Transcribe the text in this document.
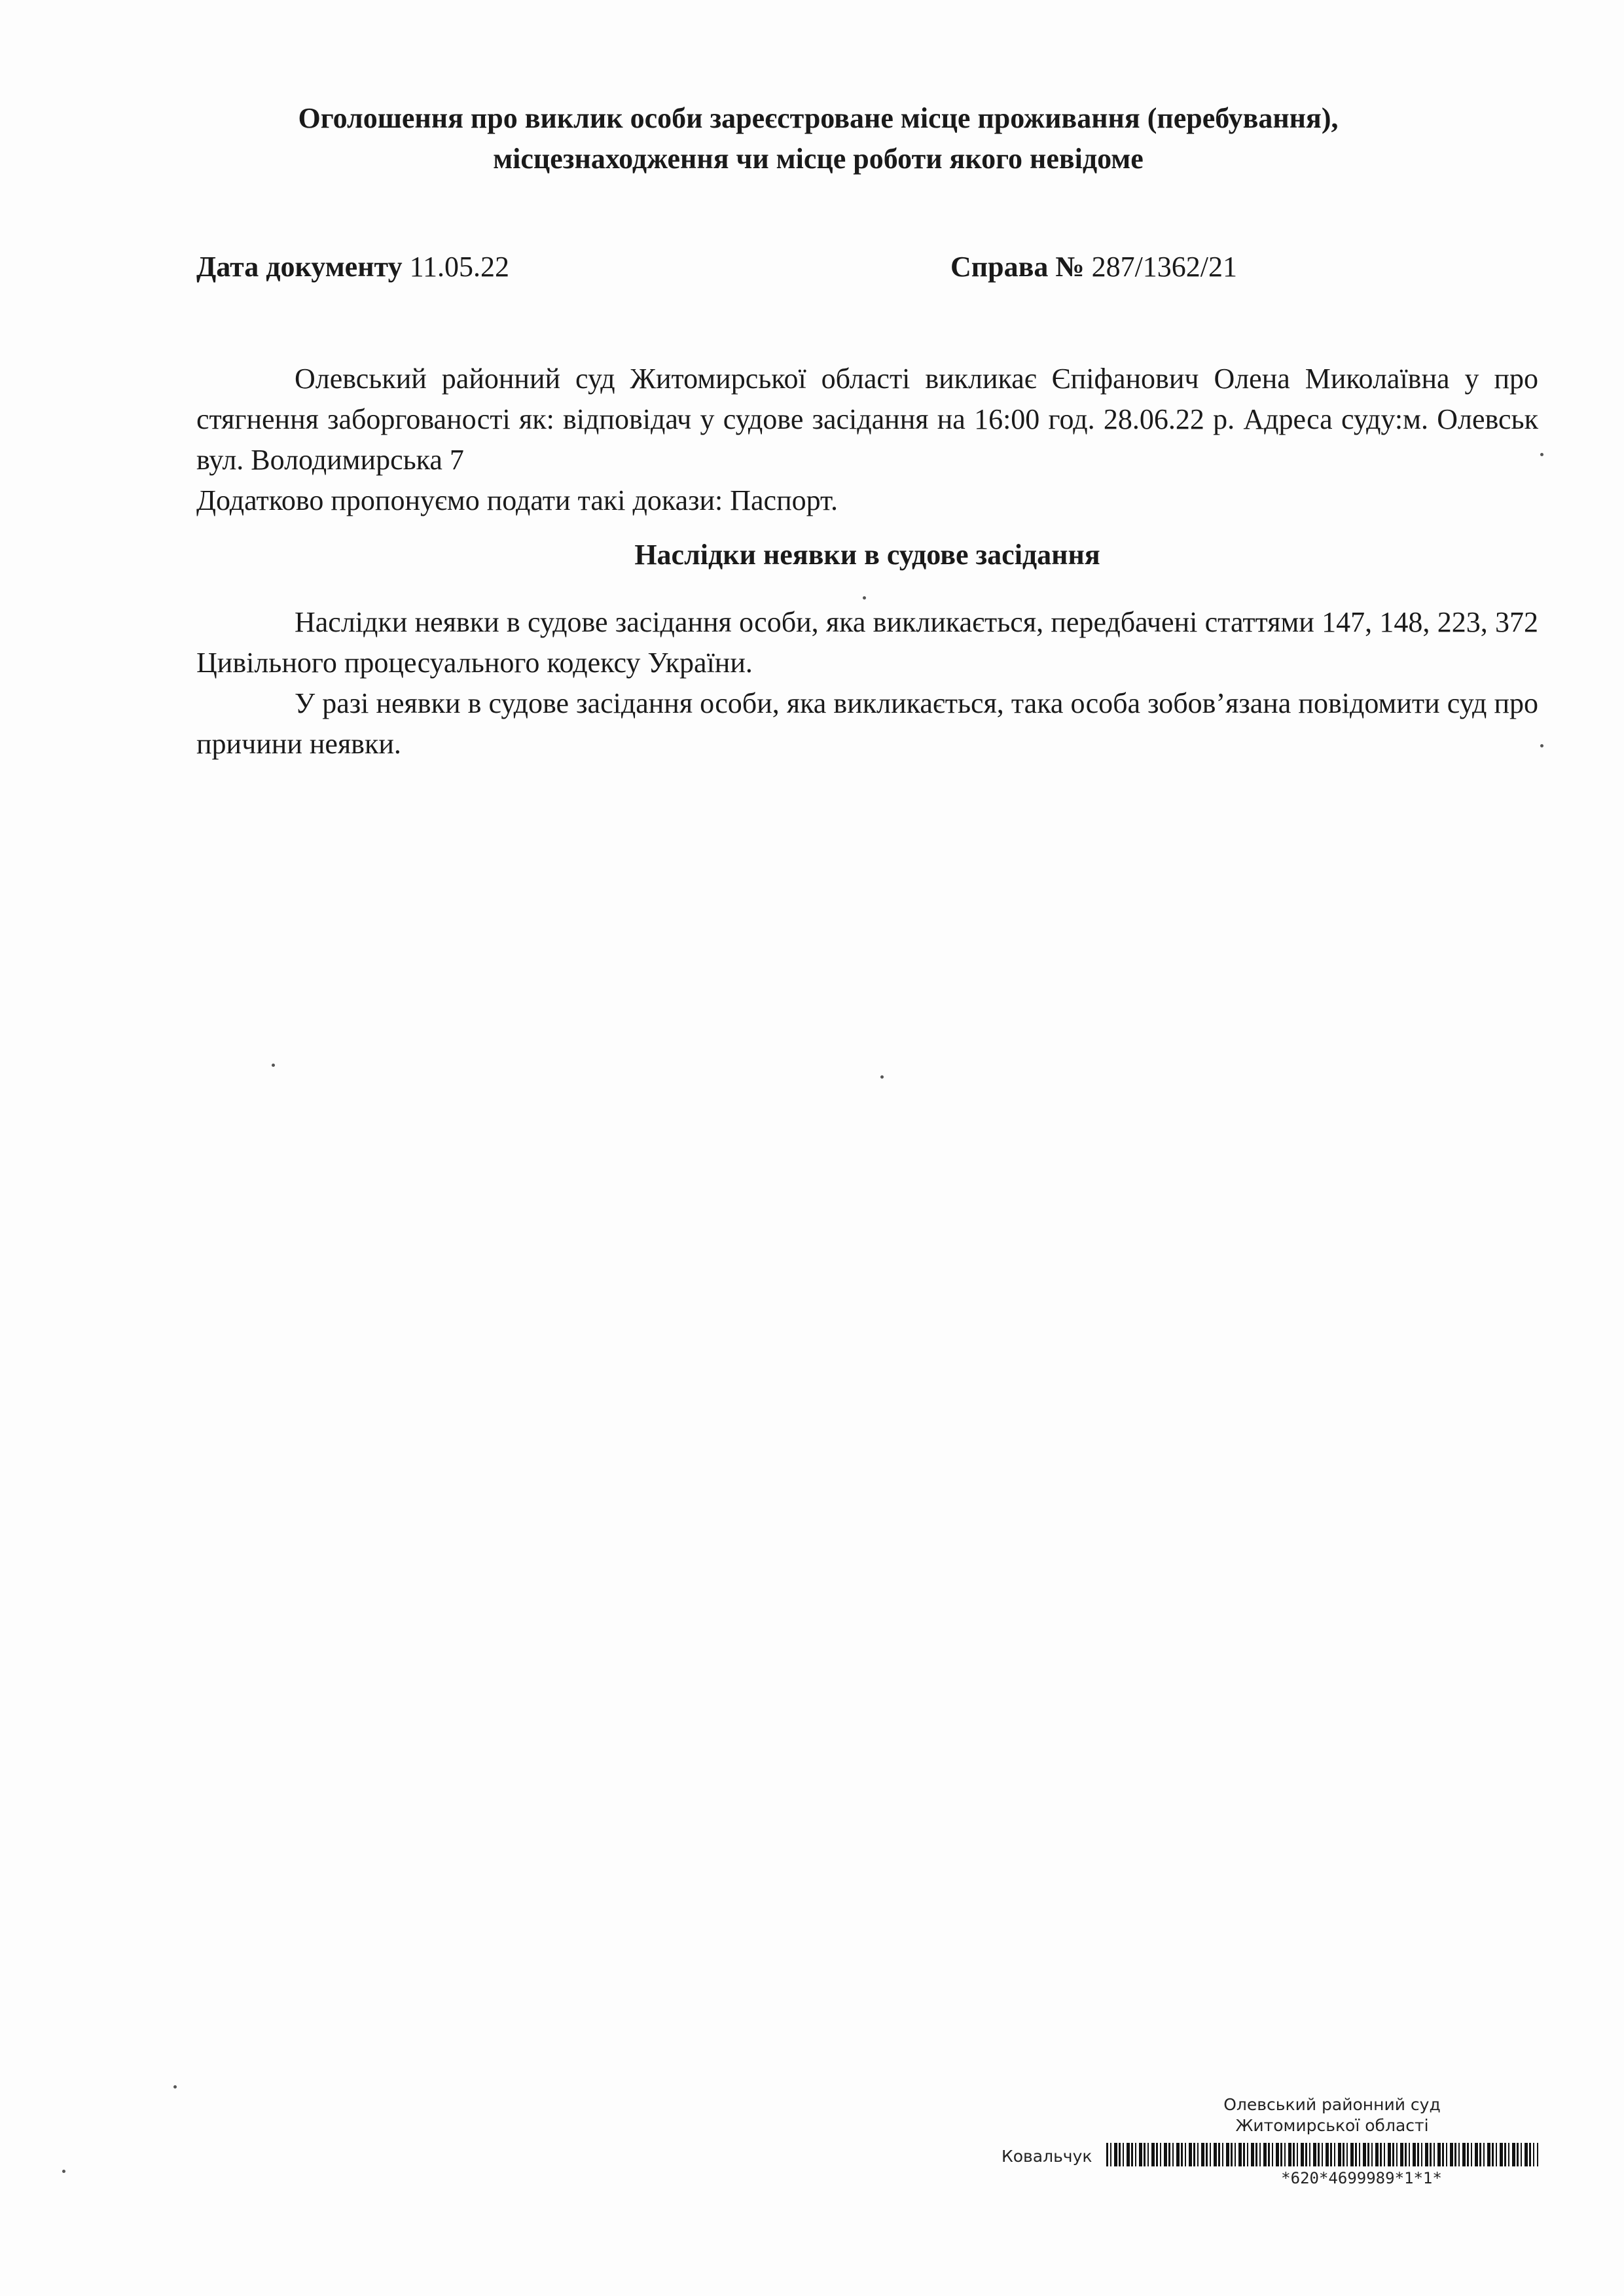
Оголошення про виклик особи зареєстроване місце проживання (перебування),
місцезнаходження чи місце роботи якого невідоме
Дата документу 11.05.22	Справа № 287/1362/21

Олевський районний суд Житомирської області викликає Єпіфанович Олена Миколаївна у про стягнення заборгованості як: відповідач у судове засідання на 16:00 год. 28.06.22 р. Адреса суду:м. Олевськ вул. Володимирська 7

Додатково пропонуємо подати такі докази: Паспорт.

Наслідки неявки в судове засідання

Наслідки неявки в судове засідання особи, яка викликається, передбачені статтями 147, 148, 223, 372 Цивільного процесуального кодексу України.

У разі неявки в судове засідання особи, яка викликається, така особа зобов’язана повідомити суд про причини неявки.

Олевський районний суд
Житомирської області
Ковальчук
*620*4699989*1*1*
